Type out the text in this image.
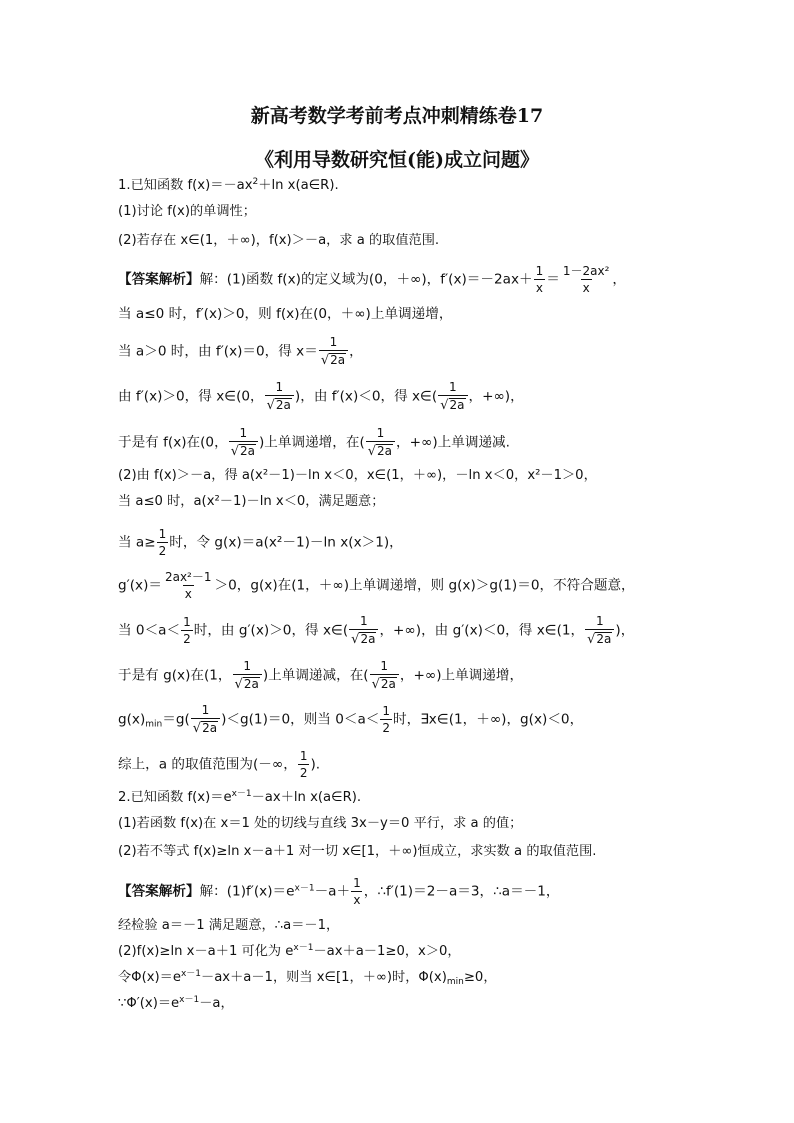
新高考数学考前考点冲刺精练卷17
《利用导数研究恒(能)成立问题》
1.已知函数 $f(x)=-ax^2+\ln$ x(a∈R).
(1)讨论 f(x)的单调性；
(2)若存在 x∈(1，＋∞)，f(x)＞－a，求 a 的取值范围.
【答案解析】解：(1)函数 f(x)的定义域为(0，＋∞)，$f'(x)=-2ax+ \frac{1}{x} = \frac{\text{1－2ax²}}{x}$ ，
当 a≤0 时，f′(x)＞0，则 f(x)在(0，＋∞)上单调递增，
当 a＞0 时，由 f′(x)＝0，得 $x= \frac{1}{√ 2a}$ ，
由 f′(x)＞0，得 x∈(0， $\frac{1}{√ 2a}$ )，由 f′(x)＜0，得 x∈( $\frac{1}{√ 2a}$ ，+∞)，
于是有 f(x)在(0， $\frac{1}{√ 2a}$ )上单调递增，在( $\frac{1}{√ 2a}$ ，+∞)上单调递减.
(2)由 f(x)＞－a，得 a(x²－1)－ln x＜0，x∈(1，＋∞)，－ln x＜0，x²－1＞0，
当 a≤0 时，a(x²－1)－ln x＜0，满足题意；
当 $a\ge \frac{1}{2}$ 时，令 g(x)＝a(x²－1)－ln x(x＞1)，
$g'(x)= \frac{\text{2ax²－1}}{x} >0$，g(x)在(1，＋∞)上单调递增，则 g(x)＞g(1)＝0，不符合题意，
当 $0<a< \frac{1}{2}$ 时，由 g′(x)＞0，得 x∈( $\frac{1}{√ 2a}$ ，+∞)，由 g′(x)＜0，得 x∈(1， $\frac{1}{√ 2a}$ )，
于是有 g(x)在(1， $\frac{1}{√ 2a}$ )上单调递减，在( $\frac{1}{√ 2a}$ ，+∞)上单调递增，
$g(x)_{min}=g( \frac{1}{√ 2a} )<g(1)=0$，则当 $0<a< \frac{1}{2}$ 时，∃x∈(1，＋∞)，g(x)＜0，
综上，a 的取值范围为(－∞， $\frac{1}{2}$ ).
2.已知函数 $f(x)=e^{x-1}-ax+\ln$ x(a∈R).
(1)若函数 f(x)在 x＝1 处的切线与直线 3x－y＝0 平行，求 a 的值；
(2)若不等式 f(x)≥ln x－a＋1 对一切 x∈[1，＋∞)恒成立，求实数 a 的取值范围.
【答案解析】解：$(1)f'(x)=e^{x-1}-a+ \frac{1}{x}$ ，∴f′(1)＝2－a＝3，∴a＝－1，
经检验 a＝－1 满足题意，∴a＝－1，
(2)f(x)≥ln x－a＋1 可化为 $e^{x-1}-ax+a-1\ge 0$，x＞0，
令$\Phi(x)=e^{x-1}-ax+a-1$，则当 x∈[1，＋∞)时，$\Phi(x)_{min}\ge 0$，
$\because\Phi'(x)=e^{x-1}-a$，
